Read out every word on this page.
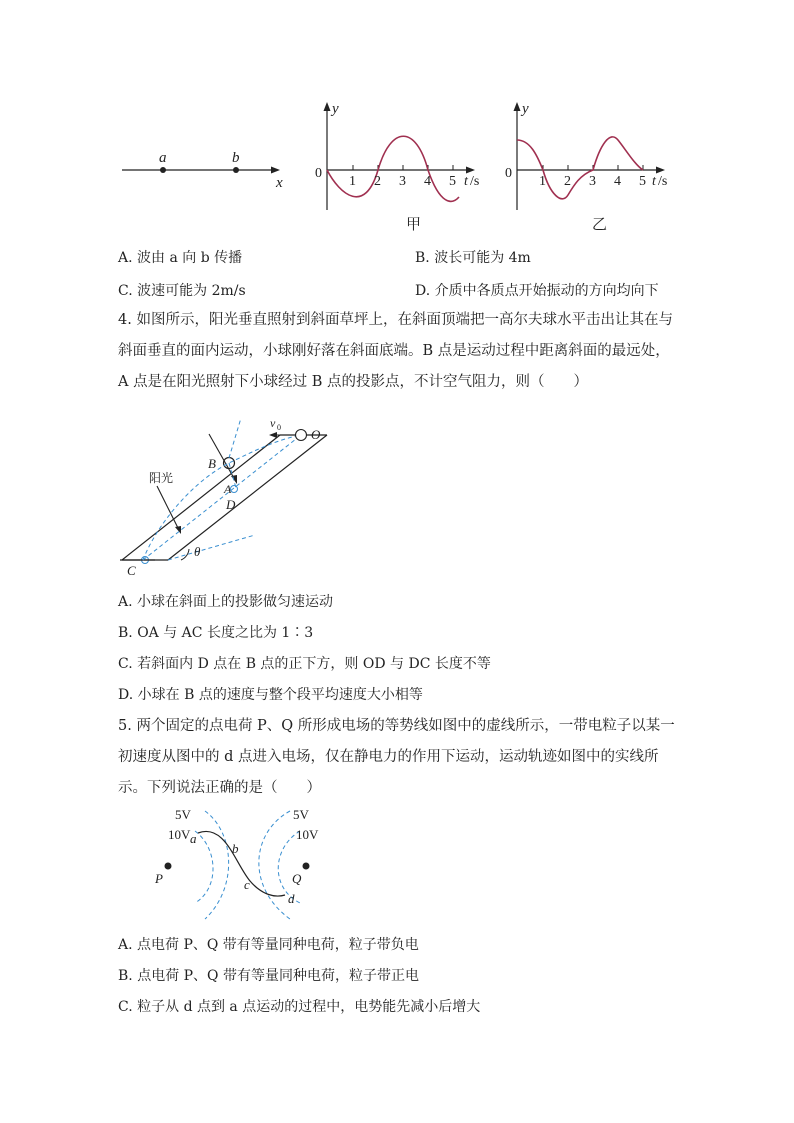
a	b
x
y
0
1 2 3 4 5 t /s
甲
y
0
1 2 3 4 5 t /s
乙
A. 波由 a 向 b 传播	B. 波长可能为 4m
C. 波速可能为 2m/s	D. 介质中各质点开始振动的方向均向下
4. 如图所示，阳光垂直照射到斜面草坪上，在斜面顶端把一高尔夫球水平击出让其在与斜面垂直的面内运动，小球刚好落在斜面底端。B 点是运动过程中距离斜面的最远处，A 点是在阳光照射下小球经过 B 点的投影点，不计空气阻力，则（　　）
B
A
D
C
阳光
O
v 0
θ
A. 小球在斜面上的投影做匀速运动
B. OA 与 AC 长度之比为 1∶3
C. 若斜面内 D 点在 B 点的正下方，则 OD 与 DC 长度不等
D. 小球在 B 点的速度与整个段平均速度大小相等
5. 两个固定的点电荷 P、Q 所形成电场的等势线如图中的虚线所示，一带电粒子以某一初速度从图中的 d 点进入电场，仅在静电力的作用下运动，运动轨迹如图中的实线所示。下列说法正确的是（　　）
5V
10V
5V
10V
a
b
c
d
P	Q
A. 点电荷 P、Q 带有等量同种电荷，粒子带负电
B. 点电荷 P、Q 带有等量同种电荷，粒子带正电
C. 粒子从 d 点到 a 点运动的过程中，电势能先减小后增大
